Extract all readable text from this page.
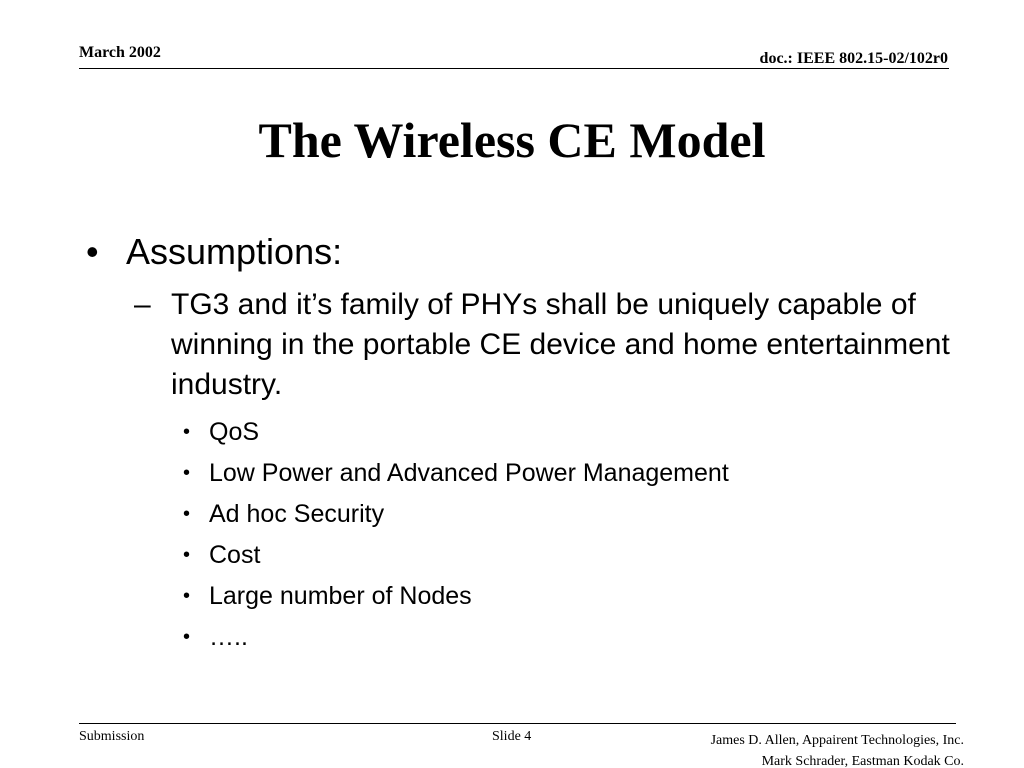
March 2002	doc.: IEEE 802.15-02/102r0
The Wireless CE Model
• Assumptions:
– TG3 and it’s family of PHYs shall be uniquely capable of winning in the portable CE device and home entertainment industry.
• QoS
• Low Power and Advanced Power Management
• Ad hoc Security
• Cost
• Large number of Nodes
• …..
Submission	Slide 4	James D. Allen, Appairent Technologies, Inc.
Mark Schrader, Eastman Kodak Co.
